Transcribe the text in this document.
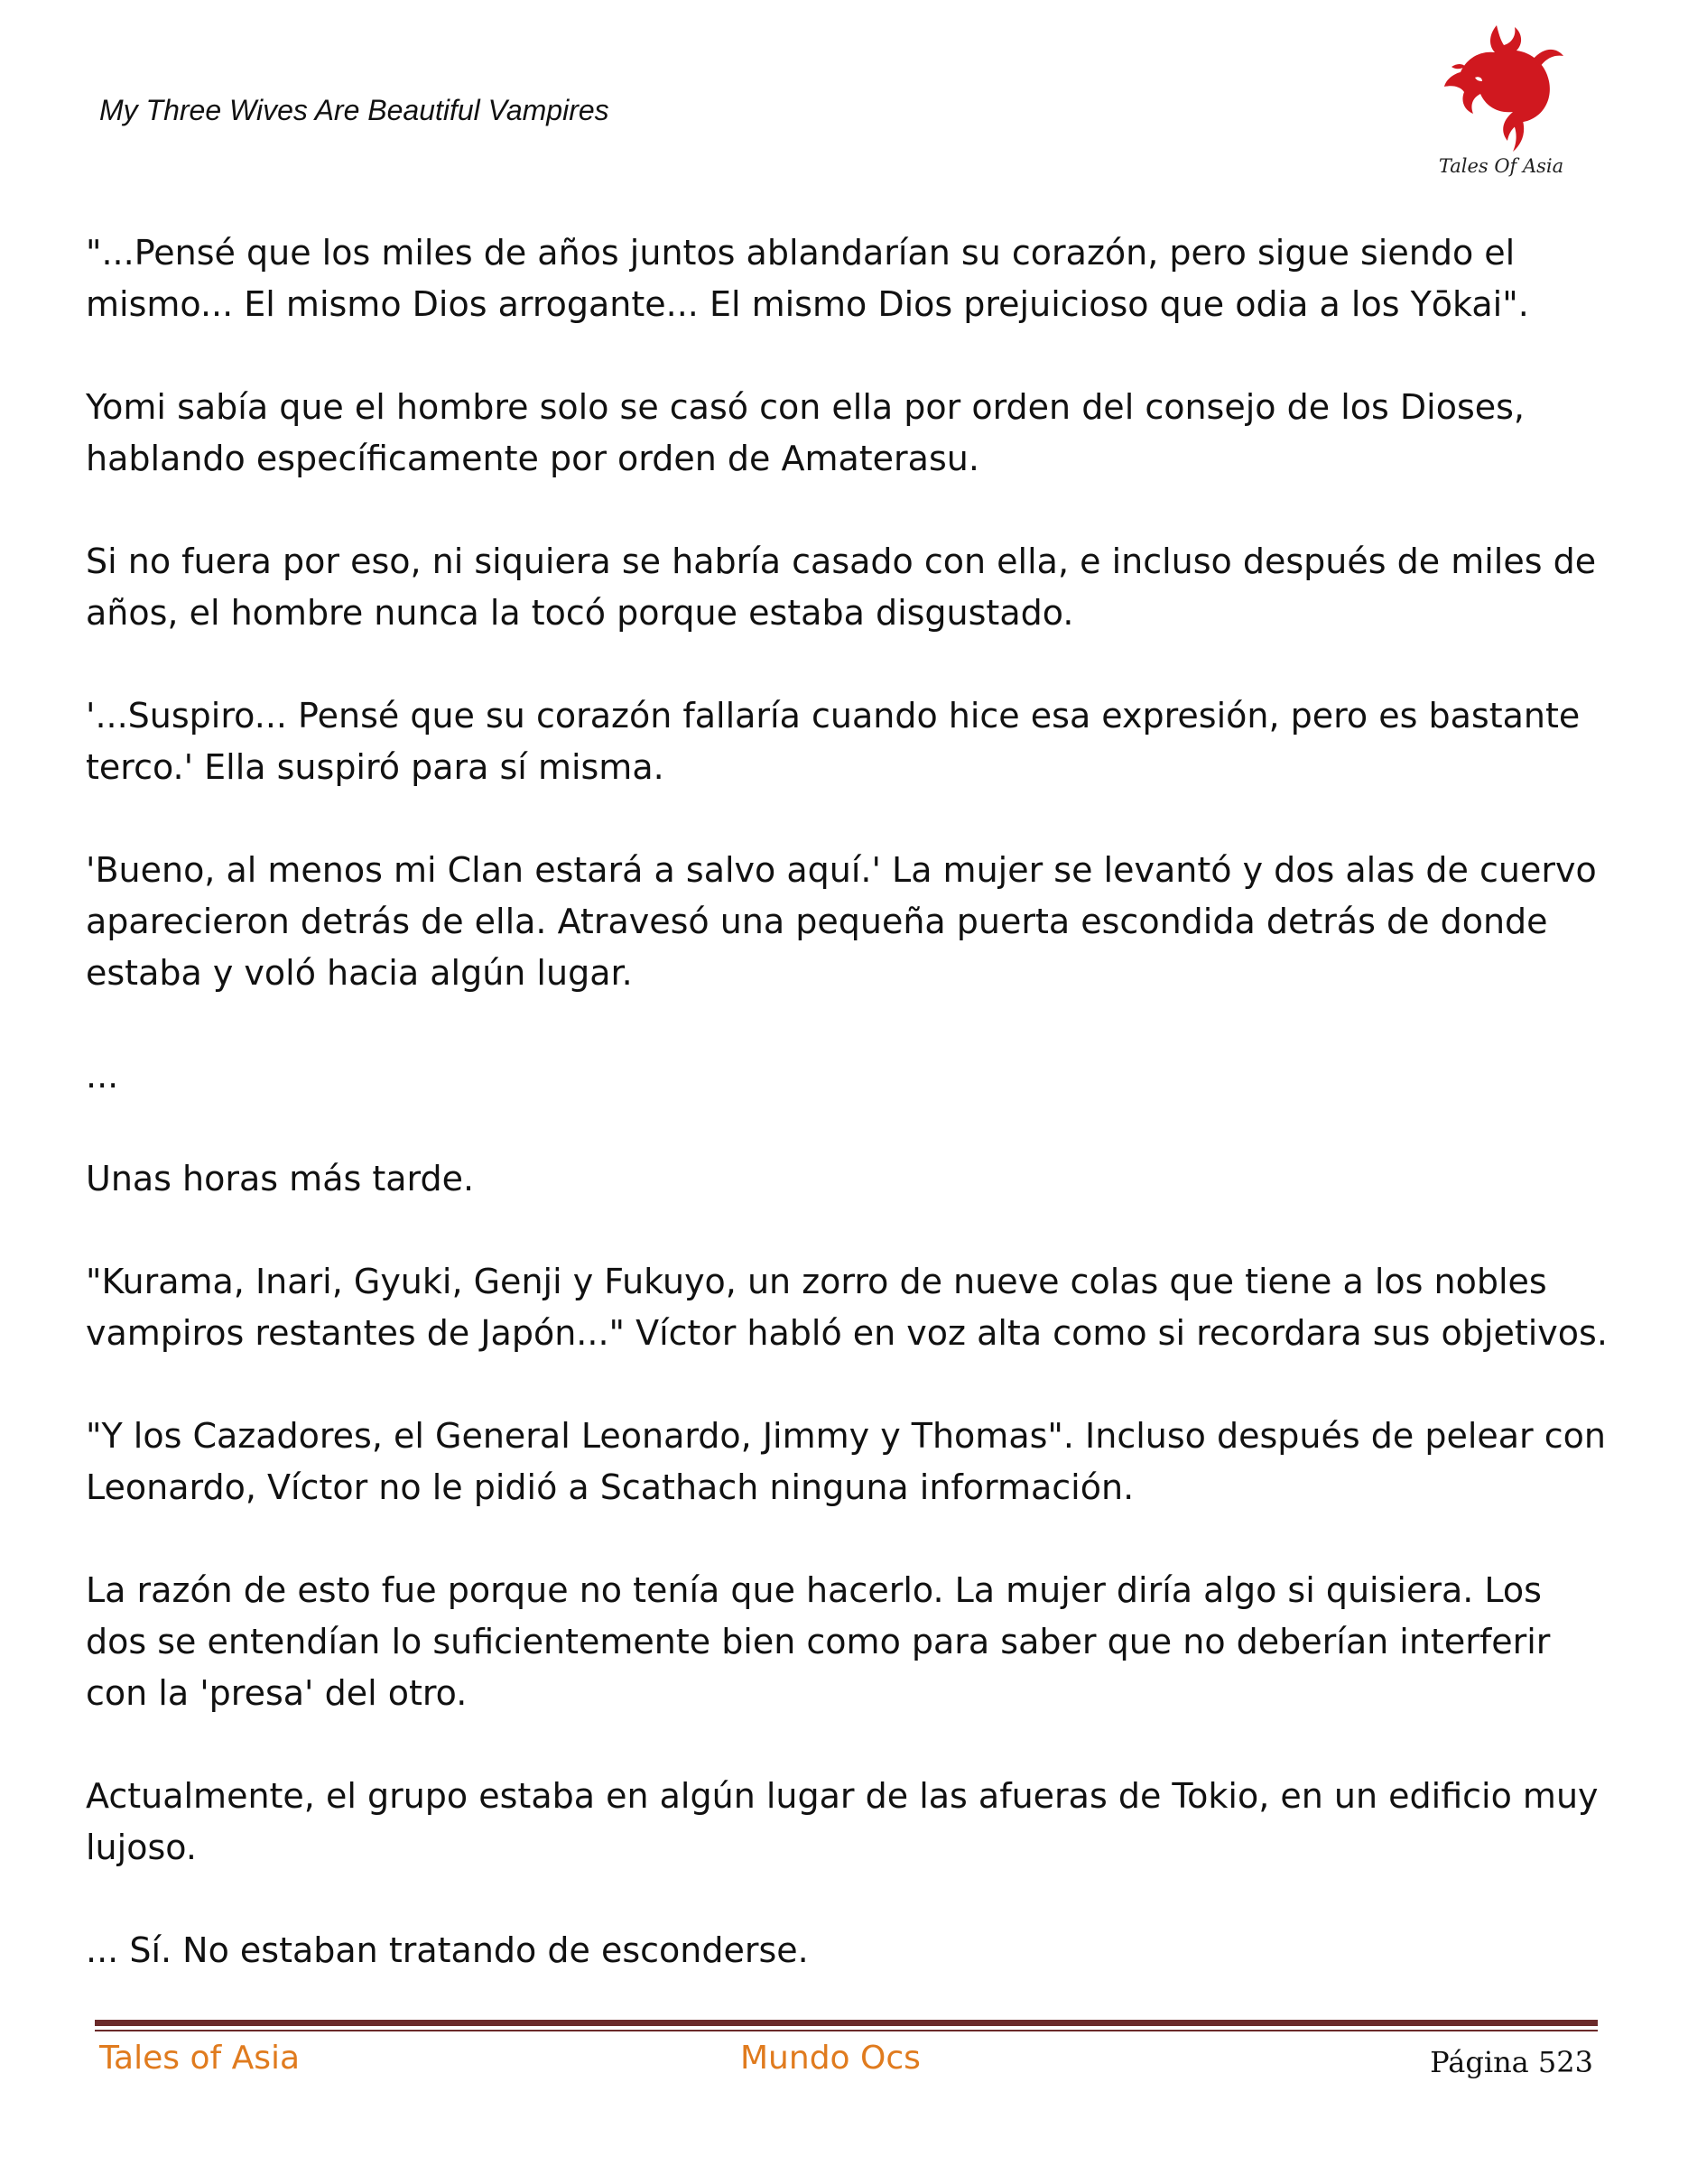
My Three Wives Are Beautiful Vampires
Tales Of Asia

"...Pensé que los miles de años juntos ablandarían su corazón, pero sigue siendo el mismo... El mismo Dios arrogante... El mismo Dios prejuicioso que odia a los Yōkai".

Yomi sabía que el hombre solo se casó con ella por orden del consejo de los Dioses, hablando específicamente por orden de Amaterasu.

Si no fuera por eso, ni siquiera se habría casado con ella, e incluso después de miles de años, el hombre nunca la tocó porque estaba disgustado.

'...Suspiro... Pensé que su corazón fallaría cuando hice esa expresión, pero es bastante terco.' Ella suspiró para sí misma.

'Bueno, al menos mi Clan estará a salvo aquí.' La mujer se levantó y dos alas de cuervo aparecieron detrás de ella. Atravesó una pequeña puerta escondida detrás de donde estaba y voló hacia algún lugar.

...

Unas horas más tarde.

"Kurama, Inari, Gyuki, Genji y Fukuyo, un zorro de nueve colas que tiene a los nobles vampiros restantes de Japón..." Víctor habló en voz alta como si recordara sus objetivos.

"Y los Cazadores, el General Leonardo, Jimmy y Thomas". Incluso después de pelear con Leonardo, Víctor no le pidió a Scathach ninguna información.

La razón de esto fue porque no tenía que hacerlo. La mujer diría algo si quisiera. Los dos se entendían lo suficientemente bien como para saber que no deberían interferir con la 'presa' del otro.

Actualmente, el grupo estaba en algún lugar de las afueras de Tokio, en un edificio muy lujoso.

... Sí. No estaban tratando de esconderse.

Tales of Asia	Mundo Ocs	Página 523
